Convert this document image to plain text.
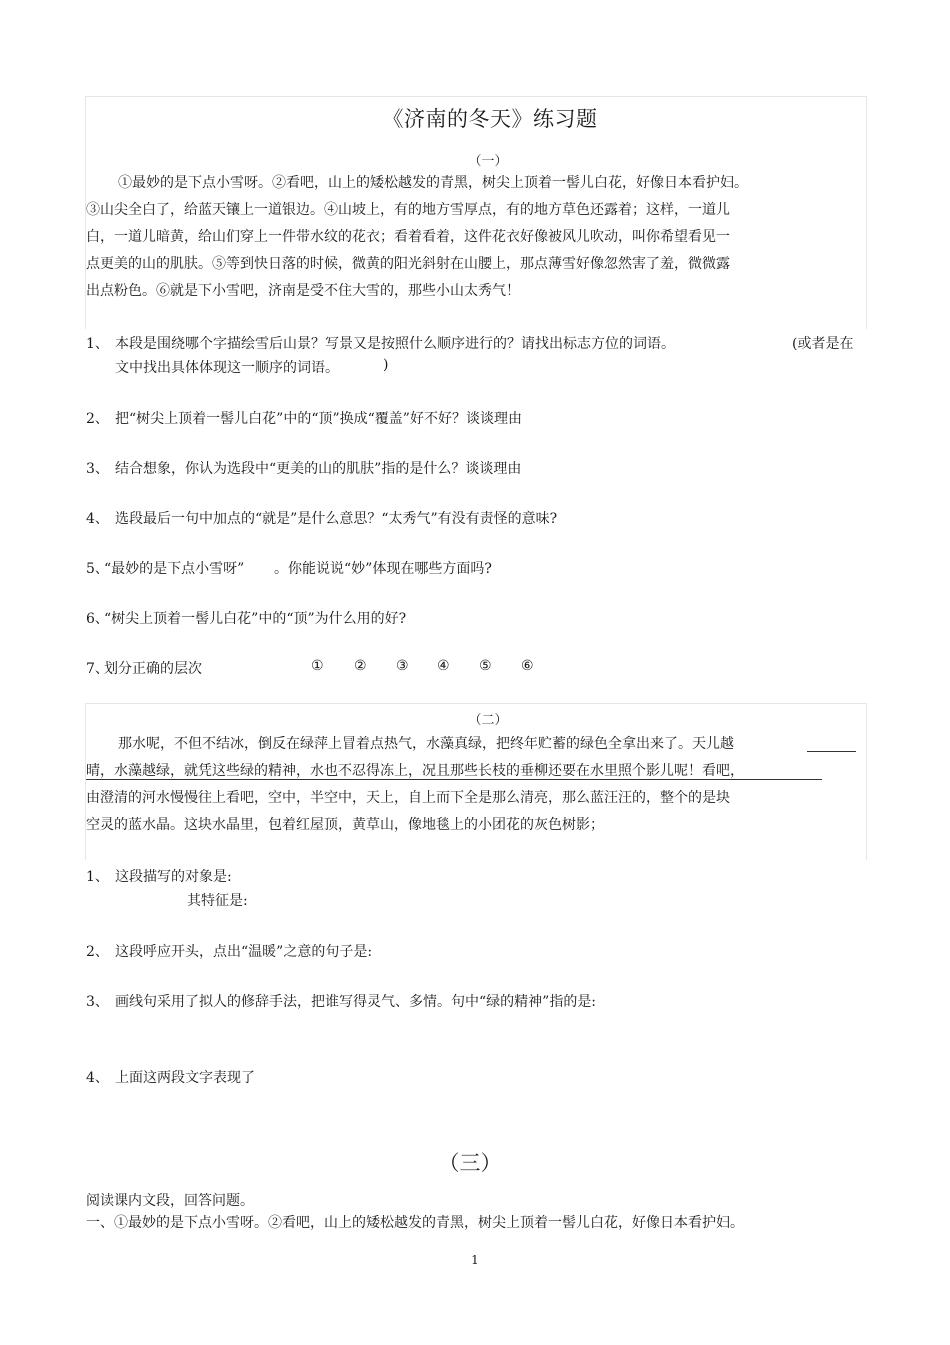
《济南的冬天》练习题
（一）
①最妙的是下点小雪呀。②看吧，山上的矮松越发的青黑，树尖上顶着一髻儿白花，好像日本看护妇。
③山尖全白了，给蓝天镶上一道银边。④山坡上，有的地方雪厚点，有的地方草色还露着；这样，一道儿
白，一道儿暗黄，给山们穿上一件带水纹的花衣；看着看着，这件花衣好像被风儿吹动，叫你希望看见一
点更美的山的肌肤。⑤等到快日落的时候，微黄的阳光斜射在山腰上，那点薄雪好像忽然害了羞，微微露
出点粉色。⑥就是下小雪吧，济南是受不住大雪的，那些小山太秀气！
1、 本段是围绕哪个字描绘雪后山景？写景又是按照什么顺序进行的？请找出标志方位的词语。	(或者是在
文中找出具体体现这一顺序的词语。	)
2、 把“树尖上顶着一髻儿白花”中的“顶”换成“覆盖”好不好？谈谈理由
3、 结合想象，你认为选段中“更美的山的肌肤”指的是什么？谈谈理由
4、 选段最后一句中加点的“就是”是什么意思？“太秀气”有没有责怪的意味?
5、
“最妙的是下点小雪呀” 。你能说说“妙”体现在哪些方面吗?
6、
“树尖上顶着一髻儿白花”中的“顶”为什么用的好?
7、
划分正确的层次	① ② ③ ④ ⑤ ⑥
（二）
那水呢，不但不结冰，倒反在绿萍上冒着点热气，水藻真绿，把终年贮蓄的绿色全拿出来了。天儿越
晴，水藻越绿，就凭这些绿的精神，水也不忍得冻上，况且那些长枝的垂柳还要在水里照个影儿呢！看吧，
由澄清的河水慢慢往上看吧，空中，半空中，天上，自上而下全是那么清亮，那么蓝汪汪的，整个的是块
空灵的蓝水晶。这块水晶里，包着红屋顶，黄草山，像地毯上的小团花的灰色树影；
1、 这段描写的对象是:
其特征是:
2、 这段呼应开头，点出“温暖”之意的句子是:
3、 画线句采用了拟人的修辞手法，把谁写得灵气、多情。句中“绿的精神”指的是:
4、 上面这两段文字表现了
（三）
阅读课内文段，回答问题。
一、①最妙的是下点小雪呀。②看吧，山上的矮松越发的青黑，树尖上顶着一髻儿白花，好像日本看护妇。
1
